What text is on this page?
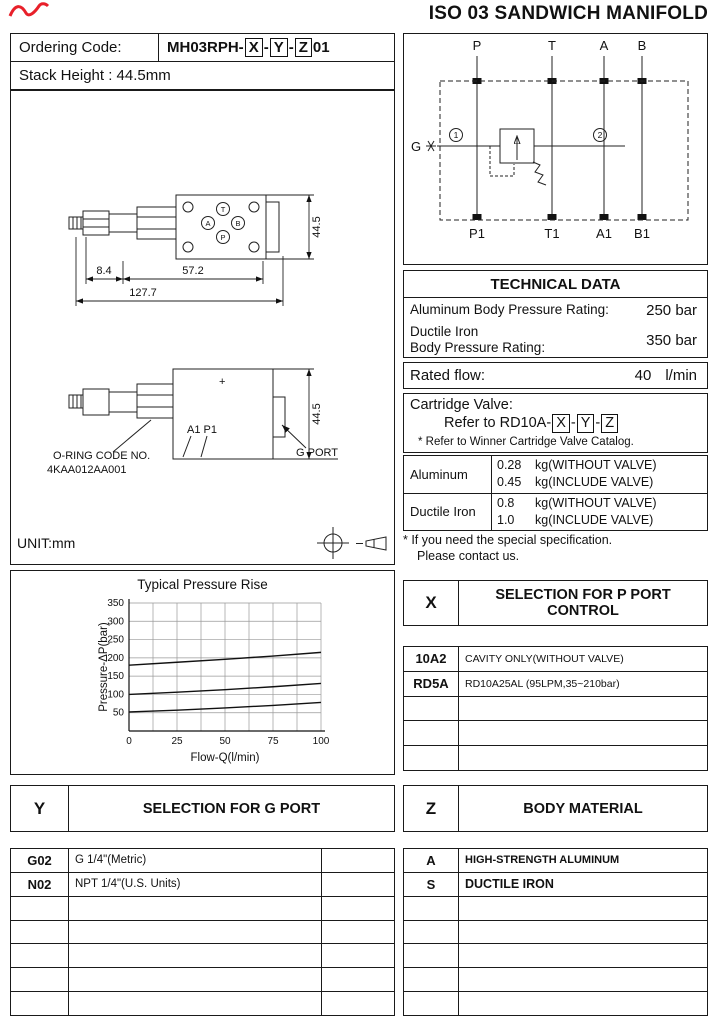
ISO 03 SANDWICH MANIFOLD
Ordering Code:	MH03RPH- X - Y - Z 01
Stack Height : 44.5mm
P	T	A B
P1	T1	A1 B1
G
1	2
T
A	B
P	44.5
8.4	57.2
127.7
+
A1 P1
G PORT
O-RING CODE NO.
4KAA012AA001
44.5
UNIT:mm
TECHNICAL DATA
Aluminum Body Pressure Rating:	250 bar
Ductile Iron
Body Pressure Rating:	350 bar
Rated flow:	40 l/min
Cartridge Valve:
Refer to RD10A- X - Y - Z
* Refer to Winner Cartridge Valve Catalog.
Aluminum
0.28	kg(WITHOUT VALVE)
0.45	kg(INCLUDE VALVE)
Ductile Iron
0.8	kg(WITHOUT VALVE)
1.0	kg(INCLUDE VALVE)
* If you need the special specification.
Please contact us.
Typical Pressure Rise
50
100
150
200
250
300
350
0	25	50	75	100
Flow-Q(l/min)
Pressure-ΔP(bar)
X	SELECTION FOR P PORT CONTROL
10A2	CAVITY ONLY(WITHOUT VALVE)
RD5A	RD10A25AL (95LPM,35~210bar)
Y	SELECTION FOR G PORT
G02	G 1/4"(Metric)
N02	NPT 1/4"(U.S. Units)
Z	BODY MATERIAL
A	HIGH-STRENGTH ALUMINUM
S	DUCTILE IRON
